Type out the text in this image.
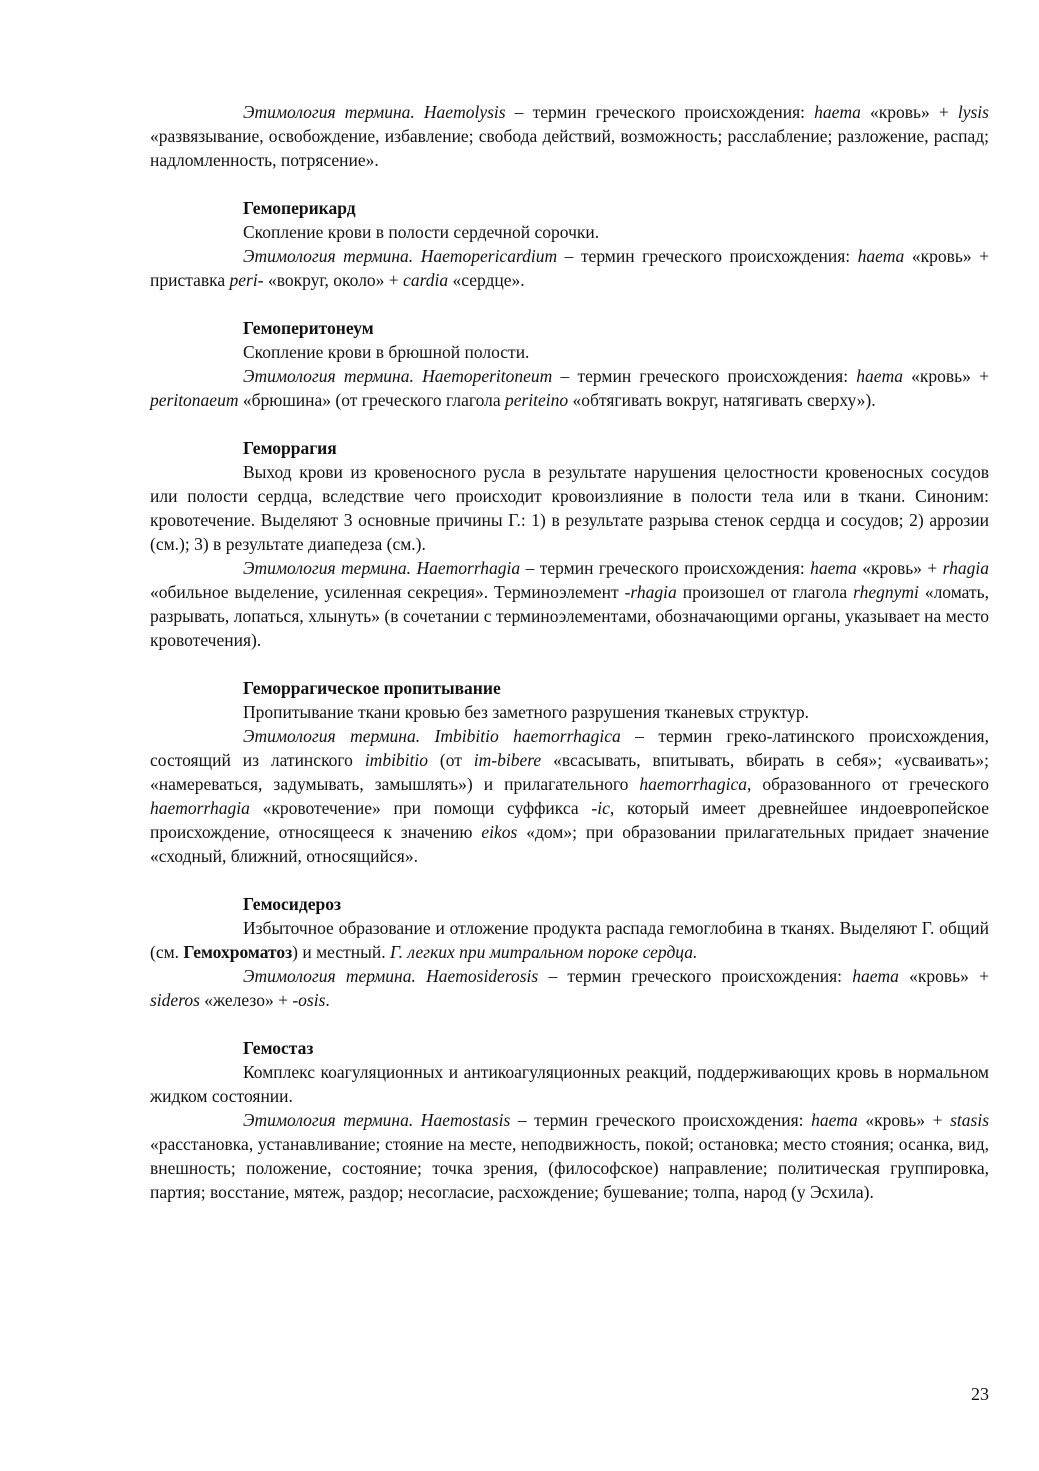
Этимология термина. Haemolysis – термин греческого происхождения: haema «кровь» + lysis «развязывание, освобождение, избавление; свобода действий, возможность; расслабление; разложение, распад; надломленность, потрясение».

Гемоперикард

Скопление крови в полости сердечной сорочки.

Этимология термина. Haemopericardium – термин греческого происхождения: haema «кровь» + приставка peri- «вокруг, около» + cardia «сердце».

Гемоперитонеум

Скопление крови в брюшной полости.

Этимология термина. Haemoperitoneum – термин греческого происхождения: haema «кровь» + peritonaeum «брюшина» (от греческого глагола periteino «обтягивать вокруг, натягивать сверху»).

Геморрагия

Выход крови из кровеносного русла в результате нарушения целостности кровеносных сосудов или полости сердца, вследствие чего происходит кровоизлияние в полости тела или в ткани. Синоним: кровотечение. Выделяют 3 основные причины Г.: 1) в результате разрыва стенок сердца и сосудов; 2) аррозии (см.); 3) в результате диапедеза (см.).

Этимология термина. Haemorrhagia – термин греческого происхождения: haema «кровь» + rhagia «обильное выделение, усиленная секреция». Терминоэлемент -rhagia произошел от глагола rhegnymi «ломать, разрывать, лопаться, хлынуть» (в сочетании с терминоэлементами, обозначающими органы, указывает на место кровотечения).

Геморрагическое пропитывание

Пропитывание ткани кровью без заметного разрушения тканевых структур.

Этимология термина. Imbibitio haemorrhagica – термин греко-латинского происхождения, состоящий из латинского imbibitio (от im-bibere «всасывать, впитывать, вбирать в себя»; «усваивать»; «намереваться, задумывать, замышлять») и прилагательного haemorrhagica, образованного от греческого haemorrhagia «кровотечение» при помощи суффикса -ic, который имеет древнейшее индоевропейское происхождение, относящееся к значению eikos «дом»; при образовании прилагательных придает значение «сходный, ближний, относящийся».

Гемосидероз

Избыточное образование и отложение продукта распада гемоглобина в тканях. Выделяют Г. общий (см. Гемохроматоз) и местный. Г. легких при митральном пороке сердца.

Этимология термина. Haemosiderosis – термин греческого происхождения: haema «кровь» + sideros «железо» + -osis.

Гемостаз

Комплекс коагуляционных и антикоагуляционных реакций, поддерживающих кровь в нормальном жидком состоянии.

Этимология термина. Haemostasis – термин греческого происхождения: haema «кровь» + stasis «расстановка, устанавливание; стояние на месте, неподвижность, покой; остановка; место стояния; осанка, вид, внешность; положение, состояние; точка зрения, (философское) направление; политическая группировка, партия; восстание, мятеж, раздор; несогласие, расхождение; бушевание; толпа, народ (у Эсхила).

23
